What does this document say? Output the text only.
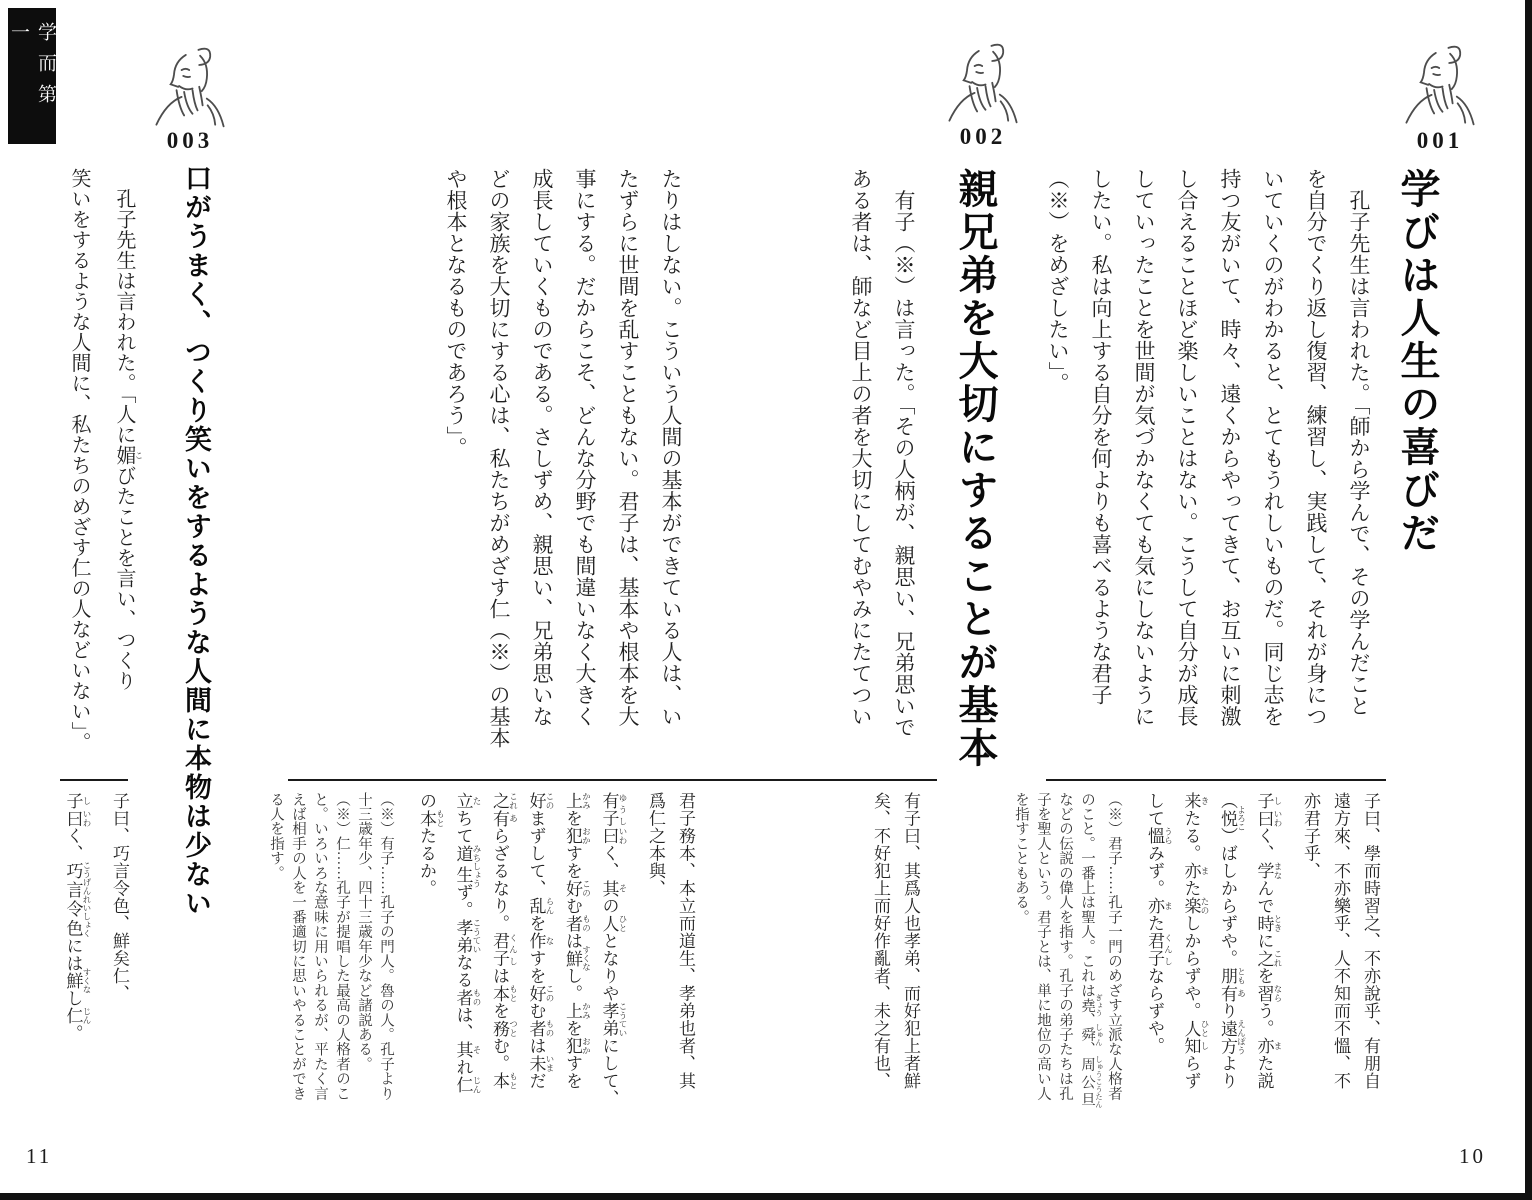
学而第一
001
学びは人生の喜びだ
　孔子先生は言われた。「師から学んで、その学んだこと
を自分でくり返し復習、練習し、実践して、それが身につ
いていくのがわかると、とてもうれしいものだ。同じ志を
持つ友がいて、時々、遠くからやってきて、お互いに刺激
し合えることほど楽しいことはない。こうして自分が成長
していったことを世間が気づかなくても気にしないように
したい。私は向上する自分を何よりも喜べるような君子
（※）をめざしたい」。
子曰、學而時習之、不亦說乎、有朋自
遠方來、不亦樂乎、人不知而不慍、不
亦君子乎、
子 し曰 いわく、学 まなんで時 ときに之 これを習 ならう。亦 また説
（悦 よろこ）ばしからずや。朋 とも有 あり遠方 えんぽうより
来 きたる。亦 また楽 たのしからずや。人 ひと知 しらず
して慍 うらみず。亦 また君子 くんしならずや。
（※）君子……孔子一門のめざす立派な人格者
のこと。一番上は聖人。これは堯 ぎょう、舜 しゅん、周公旦 しゅうこうたん
などの伝説の偉人を指す。孔子の弟子たちは孔
子を聖人という。君子とは、単に地位の高い人
を指すこともある。
002
親兄弟を大切にすることが基本
　有子（※）は言った。「その人柄が、親思い、兄弟思いで
ある者は、師など目上の者を大切にしてむやみにたてつい
たりはしない。こういう人間の基本ができている人は、い
たずらに世間を乱すこともない。君子は、基本や根本を大
事にする。だからこそ、どんな分野でも間違いなく大きく
成長していくものである。さしずめ、親思い、兄弟思いな
どの家族を大切にする心は、私たちがめざす仁（※）の基本
や根本となるものであろう」。
有子曰、其爲人也孝弟、而好犯上者鮮
矣、不好犯上而好作亂者、未之有也、
君子務本、本立而道生、孝弟也者、其
爲仁之本與、
有子 ゆうし曰 いわく、其 その人 ひととなりや孝弟 こうていにして、
上 かみを犯 おかすを好 このむ者 ものは鮮 すくなし。上 かみを犯 おかすを
好 このまずして、乱 らんを作 なすを好 このむ者 ものは未 いまだ
之 これ有 あらざるなり。君子 くんしは本 もとを務 つとむ。本 もと
立 たちて道 みち生 しょうず。孝弟 こうていなる者 ものは、其 それ仁 じん
の本 もとたるか。
（※）有子……孔子の門人。魯の人。孔子より
十三歳年少、四十三歳年少など諸説ある。
（※）仁……孔子が提唱した最高の人格者のこ
と。いろいろな意味に用いられるが、平たく言
えば相手の人を一番適切に思いやることができ
る人を指す。
003
口がうまく、つくり笑いをするような人間に本物は少ない
　孔子先生は言われた。「人に媚 こびたことを言い、つくり
笑いをするような人間に、私たちのめざす仁の人などいない」。
子曰、巧言令色、鮮矣仁、
子 し曰 いわく、巧言令色 こうげんれいしょくには鮮 すくなし仁 じん。
11	10
